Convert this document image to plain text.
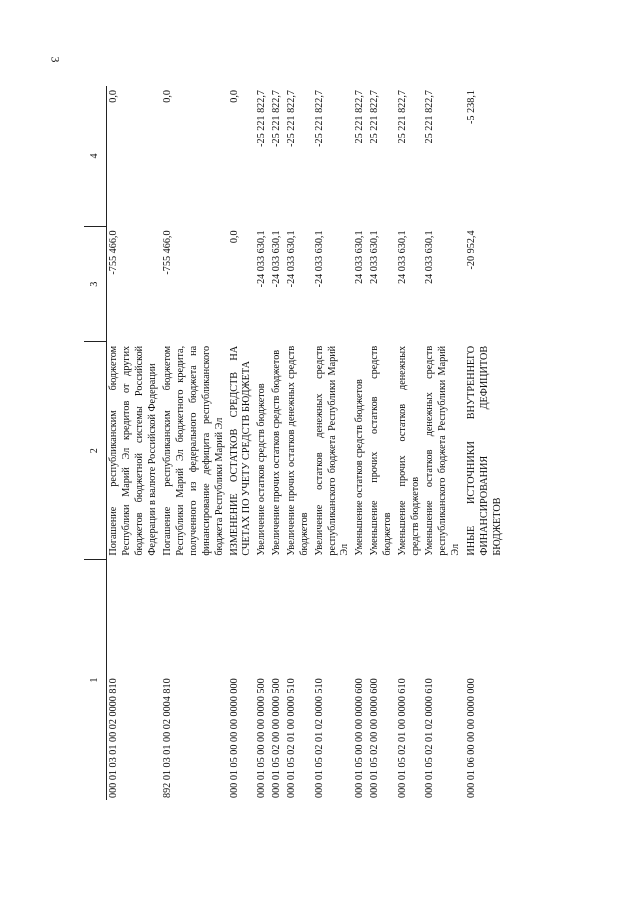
3
1	2	3	4
000 01 03 01 00 02 0000 810	Погашение республиканским бюджетом Республики Марий Эл кредитов от других бюджетов бюджетной системы Российской Федерации в валюте Российской Федерации	-755 466,0	0,0
892 01 03 01 00 02 0004 810	Погашение республиканским бюджетом Республики Марий Эл бюджетного кредита, полученного из федерального бюджета на финансирование дефицита республиканского бюджета Республики Марий Эл	-755 466,0	0,0
000 01 05 00 00 00 0000 000	ИЗМЕНЕНИЕ ОСТАТКОВ СРЕДСТВ НА СЧЕТАХ ПО УЧЕТУ СРЕДСТВ БЮДЖЕТА	0,0	0,0
000 01 05 00 00 00 0000 500	Увеличение остатков средств бюджетов	-24 033 630,1	-25 221 822,7
000 01 05 02 00 00 0000 500	Увеличение прочих остатков средств бюджетов	-24 033 630,1	-25 221 822,7
000 01 05 02 01 00 0000 510	Увеличение прочих остатков денежных средств бюджетов	-24 033 630,1	-25 221 822,7
000 01 05 02 01 02 0000 510	Увеличение остатков денежных средств республиканского бюджета Республики Марий Эл	-24 033 630,1	-25 221 822,7
000 01 05 00 00 00 0000 600	Уменьшение остатков средств бюджетов	24 033 630,1	25 221 822,7
000 01 05 02 00 00 0000 600	Уменьшение прочих остатков средств бюджетов	24 033 630,1	25 221 822,7
000 01 05 02 01 00 0000 610	Уменьшение прочих остатков денежных средств бюджетов	24 033 630,1	25 221 822,7
000 01 05 02 01 02 0000 610	Уменьшение остатков денежных средств республиканского бюджета Республики Марий Эл	24 033 630,1	25 221 822,7
000 01 06 00 00 00 0000 000	ИНЫЕ ИСТОЧНИКИ ВНУТРЕННЕГО ФИНАНСИРОВАНИЯ ДЕФИЦИТОВ БЮДЖЕТОВ	-20 952,4	-5 238,1
